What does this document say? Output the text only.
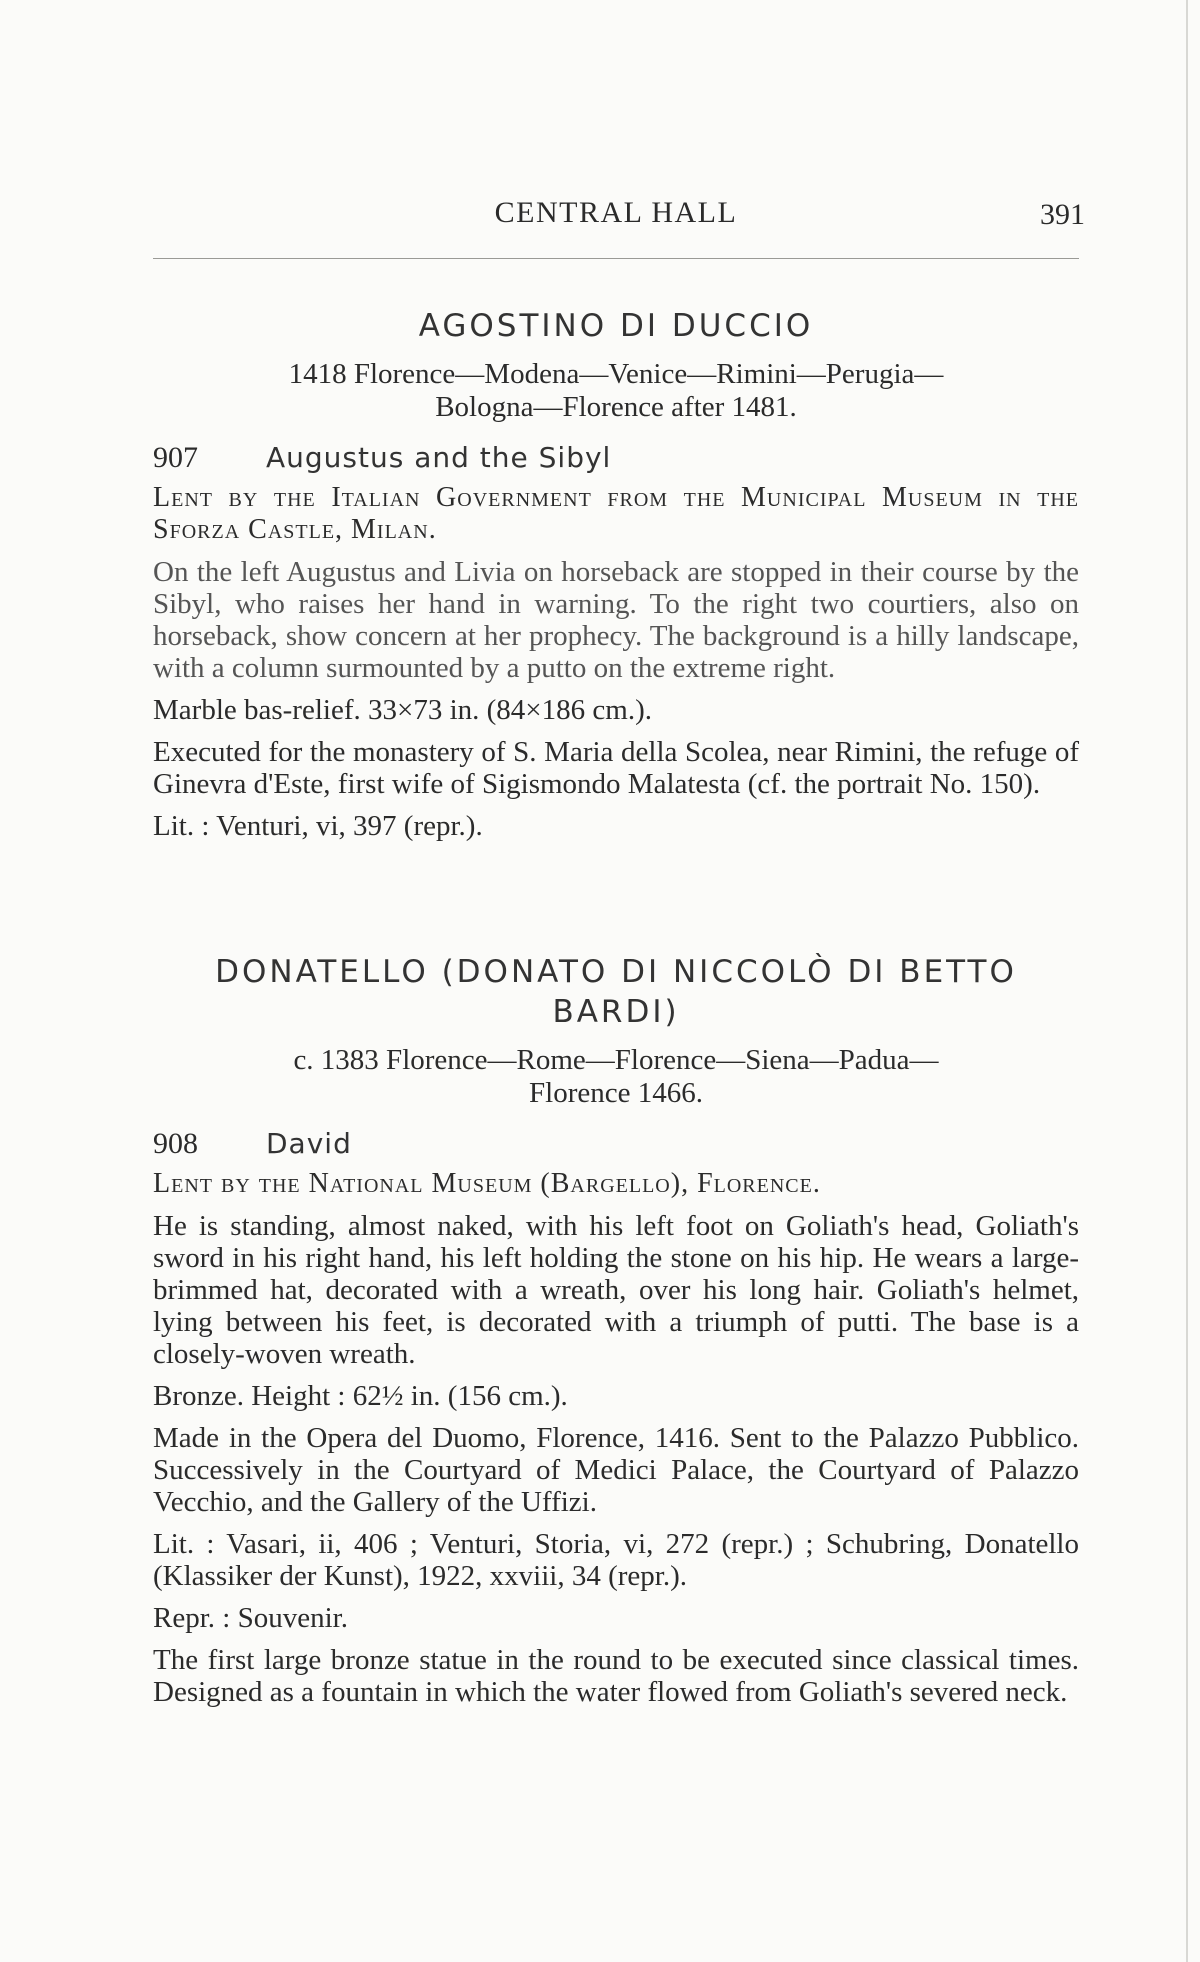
CENTRAL HALL	391
AGOSTINO DI DUCCIO
1418 Florence—Modena—Venice—Rimini—Perugia—
Bologna—Florence after 1481.
907 Augustus and the Sibyl
Lent by the Italian Government from the Municipal Museum in the Sforza Castle, Milan.

On the left Augustus and Livia on horseback are stopped in their course by the Sibyl, who raises her hand in warning. To the right two courtiers, also on horseback, show concern at her prophecy. The background is a hilly landscape, with a column surmounted by a putto on the extreme right.

Marble bas-relief. 33×73 in. (84×186 cm.).

Executed for the monastery of S. Maria della Scolea, near Rimini, the refuge of Ginevra d'Este, first wife of Sigismondo Malatesta (cf. the portrait No. 150).

Lit. : Venturi, vi, 397 (repr.).

DONATELLO (DONATO DI NICCOLÒ DI BETTO
BARDI)
c. 1383 Florence—Rome—Florence—Siena—Padua—
Florence 1466.
908 David
Lent by the National Museum (Bargello), Florence.

He is standing, almost naked, with his left foot on Goliath's head, Goliath's sword in his right hand, his left holding the stone on his hip. He wears a large-brimmed hat, decorated with a wreath, over his long hair. Goliath's helmet, lying between his feet, is decorated with a triumph of putti. The base is a closely-woven wreath.

Bronze. Height : 62½ in. (156 cm.).

Made in the Opera del Duomo, Florence, 1416. Sent to the Palazzo Pubblico. Successively in the Courtyard of Medici Palace, the Courtyard of Palazzo Vecchio, and the Gallery of the Uffizi.

Lit. : Vasari, ii, 406 ; Venturi, Storia, vi, 272 (repr.) ; Schubring, Donatello (Klassiker der Kunst), 1922, xxviii, 34 (repr.).

Repr. : Souvenir.

The first large bronze statue in the round to be executed since classical times. Designed as a fountain in which the water flowed from Goliath's severed neck.
